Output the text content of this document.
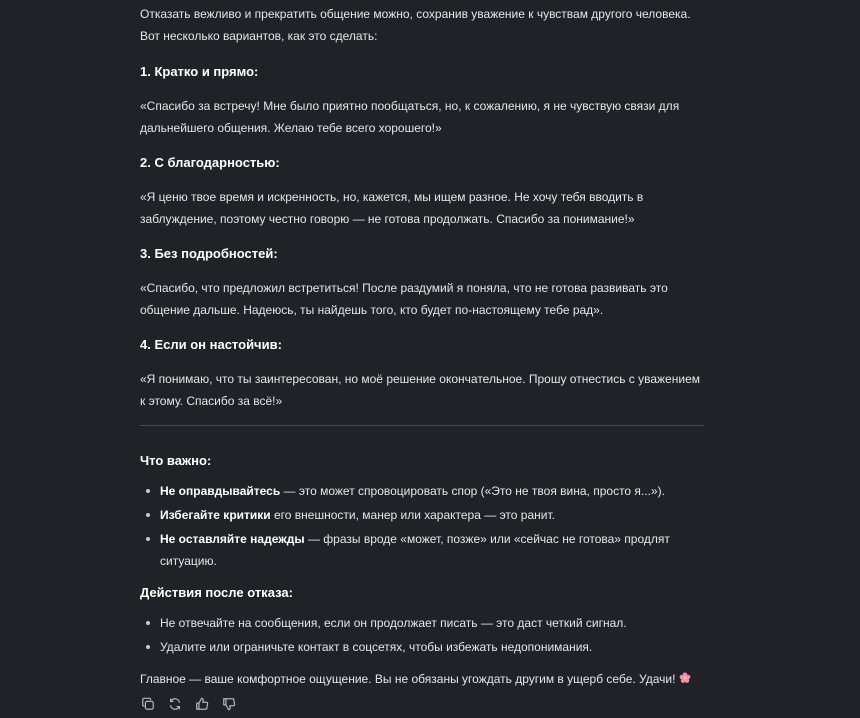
Отказать вежливо и прекратить общение можно, сохранив уважение к чувствам другого человека. Вот несколько вариантов, как это сделать:

1. Кратко и прямо:

«Спасибо за встречу! Мне было приятно пообщаться, но, к сожалению, я не чувствую связи для дальнейшего общения. Желаю тебе всего хорошего!»

2. С благодарностью:

«Я ценю твое время и искренность, но, кажется, мы ищем разное. Не хочу тебя вводить в заблуждение, поэтому честно говорю — не готова продолжать. Спасибо за понимание!»

3. Без подробностей:

«Спасибо, что предложил встретиться! После раздумий я поняла, что не готова развивать это общение дальше. Надеюсь, ты найдешь того, кто будет по-настоящему тебе рад».

4. Если он настойчив:

«Я понимаю, что ты заинтересован, но моё решение окончательное. Прошу отнестись с уважением к этому. Спасибо за всё!»

Что важно:
Не оправдывайтесь — это может спровоцировать спор («Это не твоя вина, просто я...»).
Избегайте критики его внешности, манер или характера — это ранит.
Не оставляйте надежды — фразы вроде «может, позже» или «сейчас не готова» продлят ситуацию.
Действия после отказа:
Не отвечайте на сообщения, если он продолжает писать — это даст четкий сигнал.
Удалите или ограничьте контакт в соцсетях, чтобы избежать недопонимания.

Главное — ваше комфортное ощущение. Вы не обязаны угождать другим в ущерб себе. Удачи!
